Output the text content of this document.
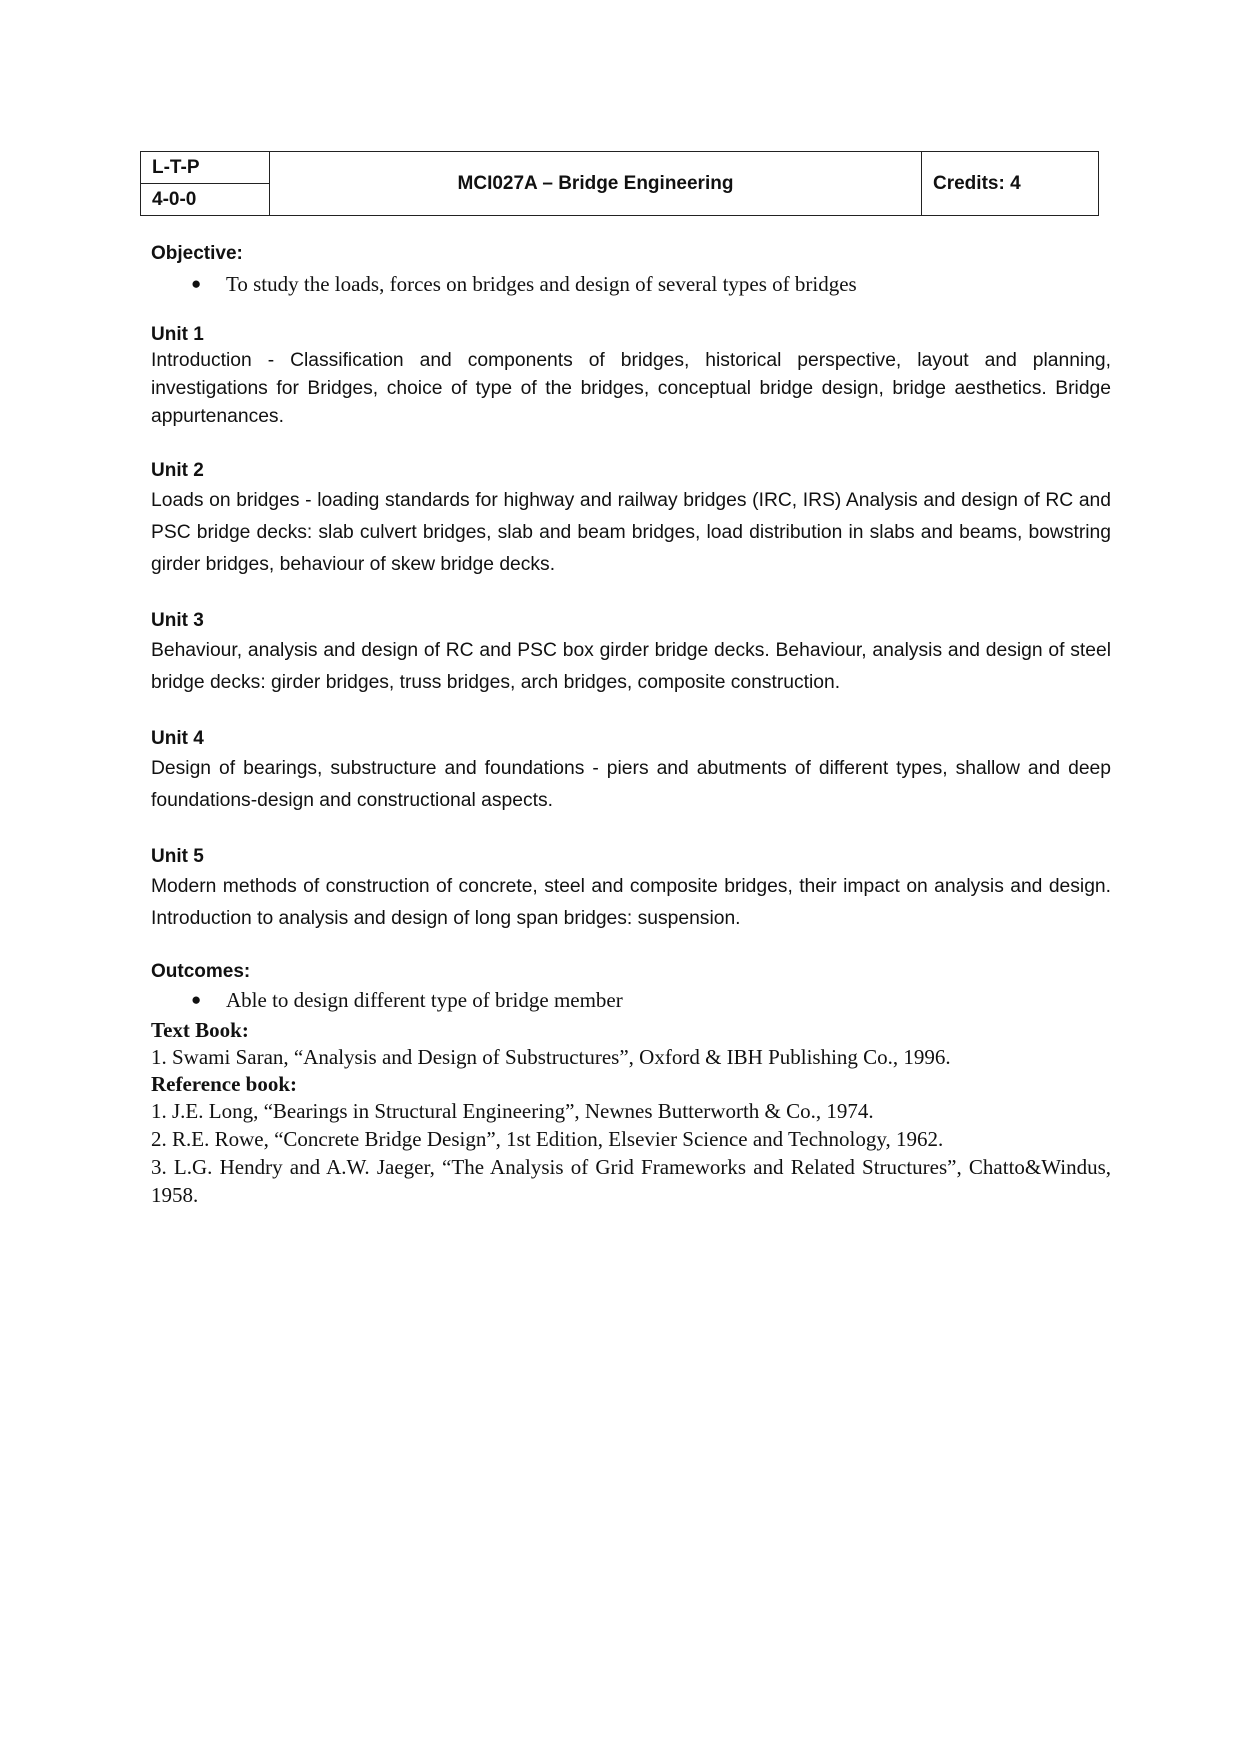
L-T-P	MCI027A – Bridge Engineering	Credits: 4
4-0-0
Objective:
● To study the loads, forces on bridges and design of several types of bridges
Unit 1
Introduction - Classification and components of bridges, historical perspective, layout and planning, investigations for Bridges, choice of type of the bridges, conceptual bridge design, bridge aesthetics. Bridge appurtenances.
Unit 2
Loads on bridges - loading standards for highway and railway bridges (IRC, IRS) Analysis and design of RC and PSC bridge decks: slab culvert bridges, slab and beam bridges, load distribution in slabs and beams, bowstring girder bridges, behaviour of skew bridge decks.
Unit 3
Behaviour, analysis and design of RC and PSC box girder bridge decks. Behaviour, analysis and design of steel bridge decks: girder bridges, truss bridges, arch bridges, composite construction.
Unit 4
Design of bearings, substructure and foundations - piers and abutments of different types, shallow and deep foundations-design and constructional aspects.
Unit 5
Modern methods of construction of concrete, steel and composite bridges, their impact on analysis and design. Introduction to analysis and design of long span bridges: suspension.
Outcomes:
● Able to design different type of bridge member
Text Book:
1. Swami Saran, “Analysis and Design of Substructures”, Oxford & IBH Publishing Co., 1996.
Reference book:
1. J.E. Long, “Bearings in Structural Engineering”, Newnes Butterworth & Co., 1974.
2. R.E. Rowe, “Concrete Bridge Design”, 1st Edition, Elsevier Science and Technology, 1962.
3. L.G. Hendry and A.W. Jaeger, “The Analysis of Grid Frameworks and Related Structures”, Chatto&Windus, 1958.
